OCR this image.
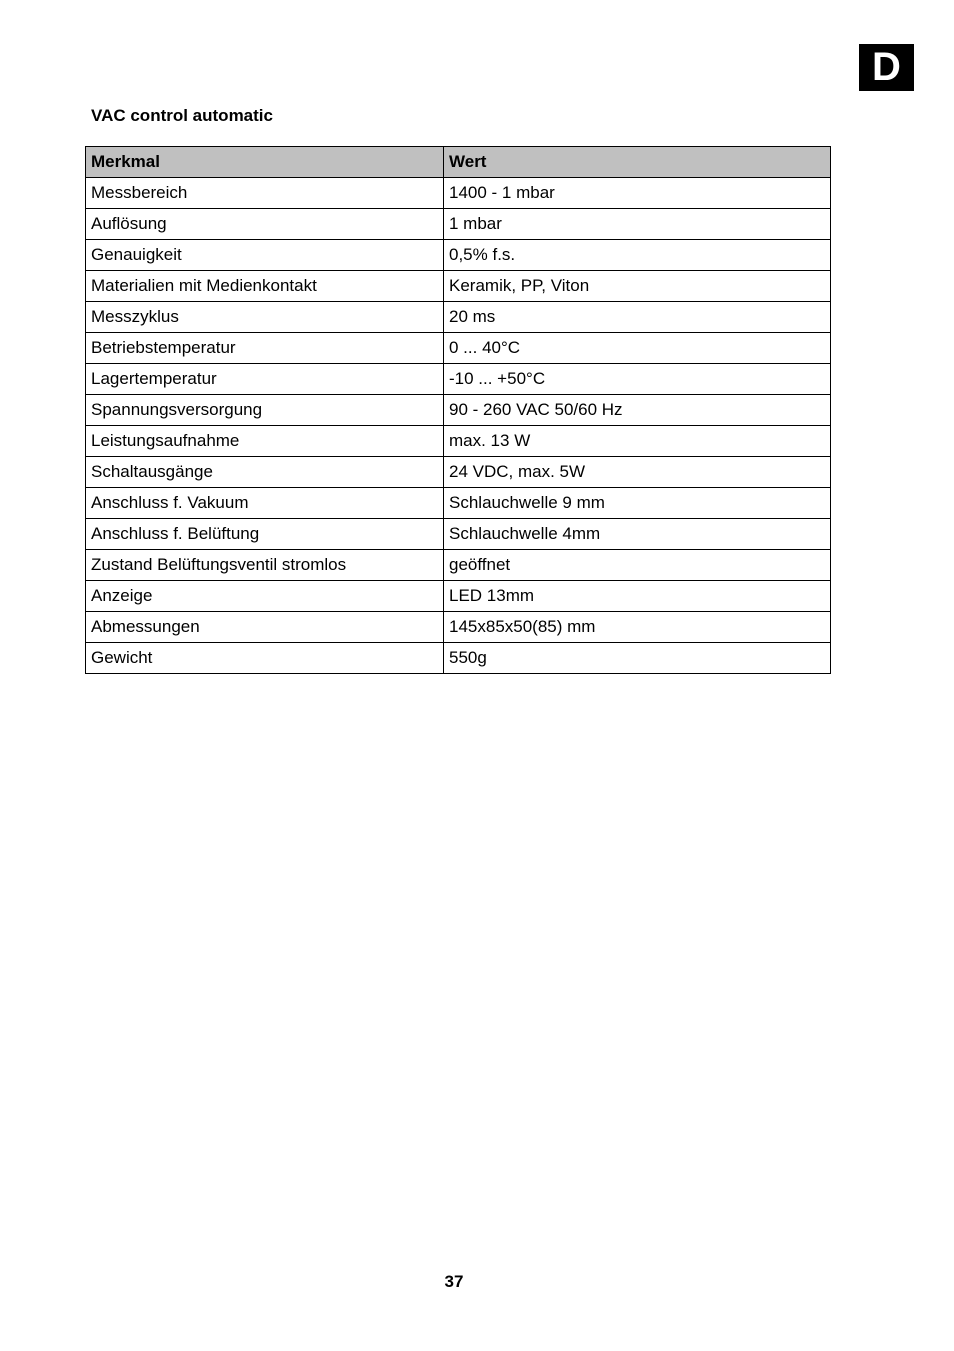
D
VAC control automatic
Merkmal	Wert
Messbereich	1400 - 1 mbar
Auflösung	1 mbar
Genauigkeit	0,5% f.s.
Materialien mit Medienkontakt	Keramik, PP, Viton
Messzyklus	20 ms
Betriebstemperatur	0 ... 40°C
Lagertemperatur	-10 ... +50°C
Spannungsversorgung	90 - 260 VAC 50/60 Hz
Leistungsaufnahme	max. 13 W
Schaltausgänge	24 VDC, max. 5W
Anschluss f. Vakuum	Schlauchwelle 9 mm
Anschluss f. Belüftung	Schlauchwelle 4mm
Zustand Belüftungsventil stromlos	geöffnet
Anzeige	LED 13mm
Abmessungen	145x85x50(85) mm
Gewicht	550g
37
